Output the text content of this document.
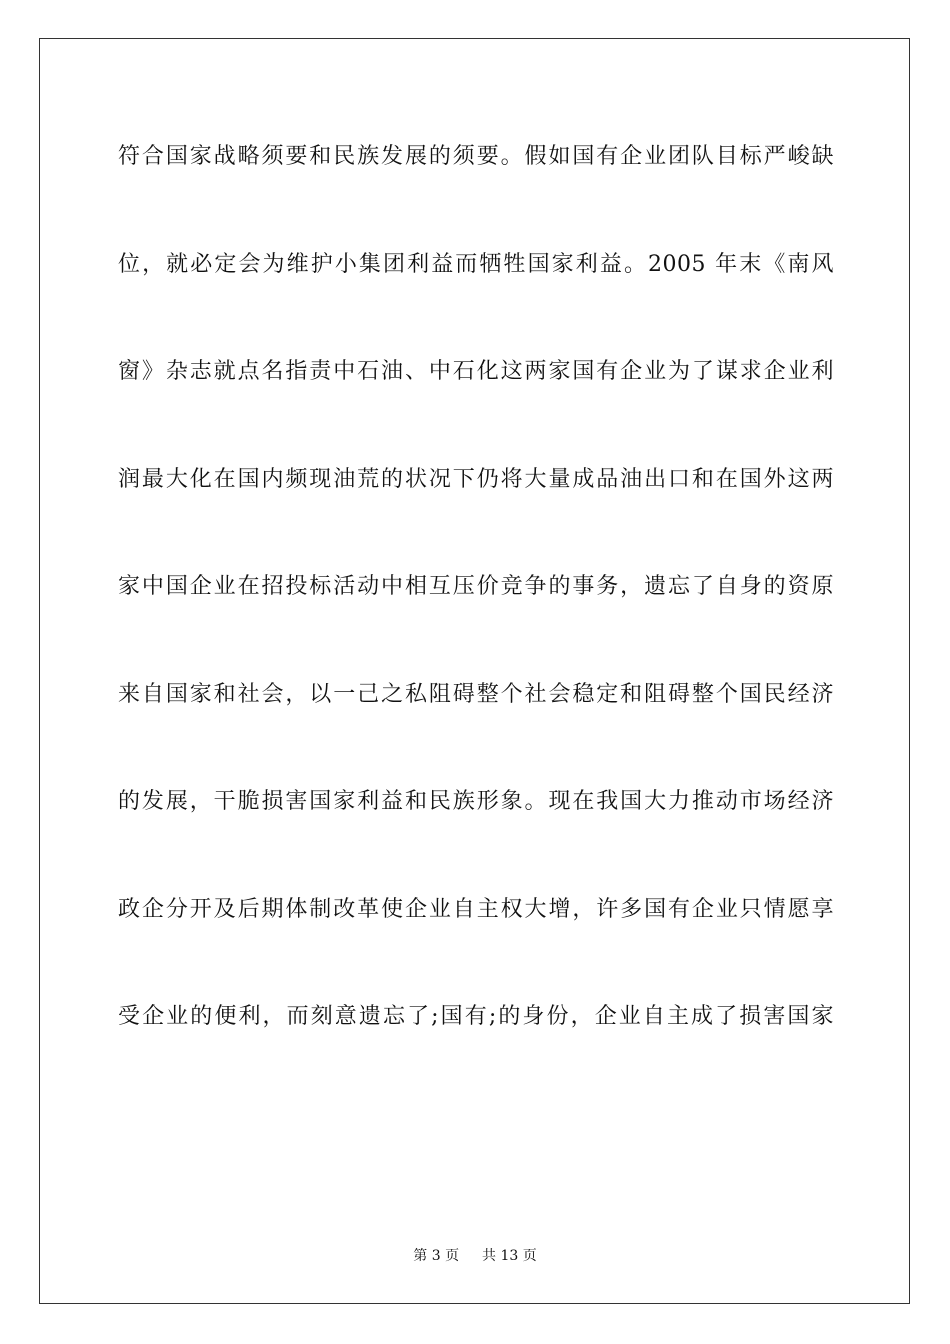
符合国家战略须要和民族发展的须要。假如国有企业团队目标严峻缺
位，就必定会为维护小集团利益而牺牲国家利益。2005 年末《南风
窗》杂志就点名指责中石油、中石化这两家国有企业为了谋求企业利
润最大化在国内频现油荒的状况下仍将大量成品油出口和在国外这两
家中国企业在招投标活动中相互压价竞争的事务，遗忘了自身的资原
来自国家和社会，以一己之私阻碍整个社会稳定和阻碍整个国民经济
的发展，干脆损害国家利益和民族形象。现在我国大力推动市场经济
政企分开及后期体制改革使企业自主权大增，许多国有企业只情愿享
受企业的便利，而刻意遗忘了;国有;的身份，企业自主成了损害国家
第 3 页 共 13 页
